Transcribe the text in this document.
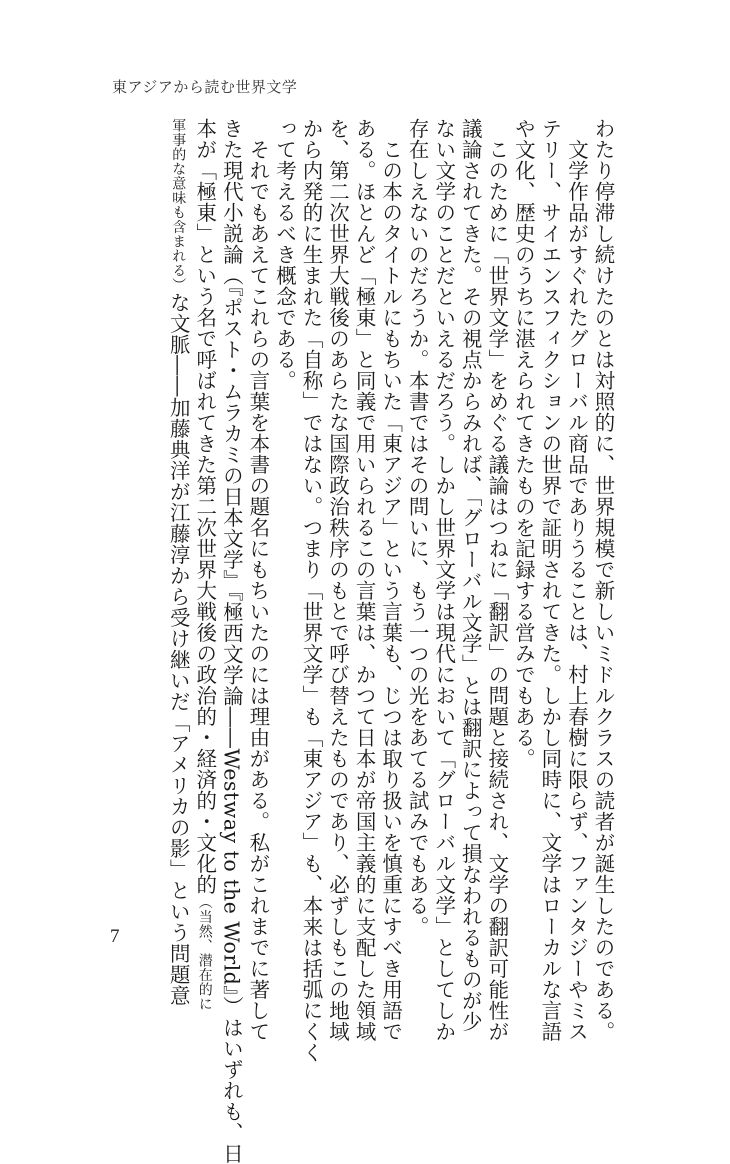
東アジアから読む世界文学

わたり停滞し続けたのとは対照的に、世界規模で新しいミドルクラスの読者が誕生したのである。

　文学作品がすぐれたグローバル商品でありうることは、村上春樹に限らず、ファンタジーやミス

テリー、サイエンスフィクションの世界で証明されてきた。しかし同時に、文学はローカルな言語

や文化、歴史のうちに湛えられてきたものを記録する営みでもある。

　このために「世界文学」をめぐる議論はつねに「翻訳」の問題と接続され、文学の翻訳可能性が

議論されてきた。その視点からみれば、「グローバル文学」とは翻訳によって損なわれるものが少

ない文学のことだといえるだろう。しかし世界文学は現代において「グローバル文学」としてしか

存在しえないのだろうか。本書ではその問いに、もう一つの光をあてる試みでもある。

　この本のタイトルにもちいた「東アジア」という言葉も、じつは取り扱いを慎重にすべき用語で

ある。ほとんど「極東」と同義で用いられるこの言葉は、かつて日本が帝国主義的に支配した領域

を、第二次世界大戦後のあらたな国際政治秩序のもとで呼び替えたものであり、必ずしもこの地域

から内発的に生まれた「自称」ではない。つまり「世界文学」も「東アジア」も、本来は括弧にくく

って考えるべき概念である。

　それでもあえてこれらの言葉を本書の題名にもちいたのには理由がある。私がこれまでに著して

きた現代小説論（『ポスト・ムラカミの日本文学』『極西文学論――Westway to the World』）はいずれも、日

本が「極東」という名で呼ばれてきた第二次世界大戦後の政治的・経済的・文化的（当然、潜在的に

軍事的な意味も含まれる）な文脈――加藤典洋が江藤淳から受け継いだ「アメリカの影」という問題意

7
